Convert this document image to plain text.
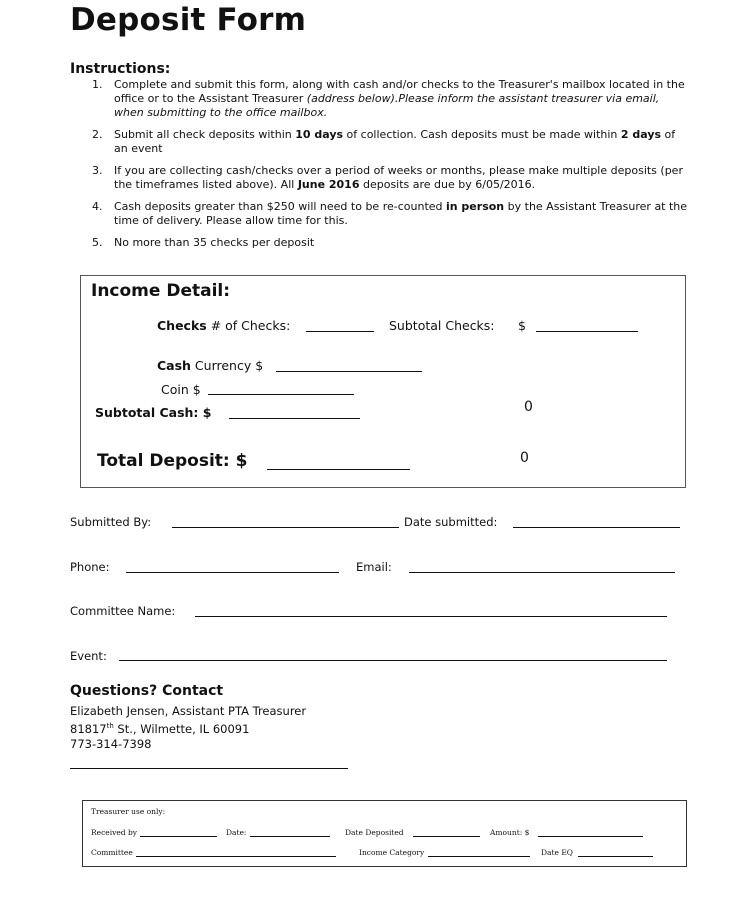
Deposit Form
Instructions:
1. Complete and submit this form, along with cash and/or checks to the Treasurer's mailbox located in the office or to the Assistant Treasurer (address below).Please inform the assistant treasurer via email, when submitting to the office mailbox.
2. Submit all check deposits within 10 days of collection. Cash deposits must be made within 2 days of an event
3. If you are collecting cash/checks over a period of weeks or months, please make multiple deposits (per the timeframes listed above). All June 2016 deposits are due by 6/05/2016.
4. Cash deposits greater than $250 will need to be re-counted in person by the Assistant Treasurer at the time of delivery. Please allow time for this.
5. No more than 35 checks per deposit
Income Detail:
Checks # of Checks:	Subtotal Checks: $
Cash Currency $
Coin $
Subtotal Cash: $	0
Total Deposit: $	0
Submitted By:	Date submitted:
Phone:	Email:
Committee Name:
Event:
Questions? Contact
Elizabeth Jensen, Assistant PTA Treasurer
81817th St., Wilmette, IL 60091
773-314-7398
Treasurer use only:
Received by	Date:	Date Deposited	Amount: $
Committee	Income Category	Date EQ
